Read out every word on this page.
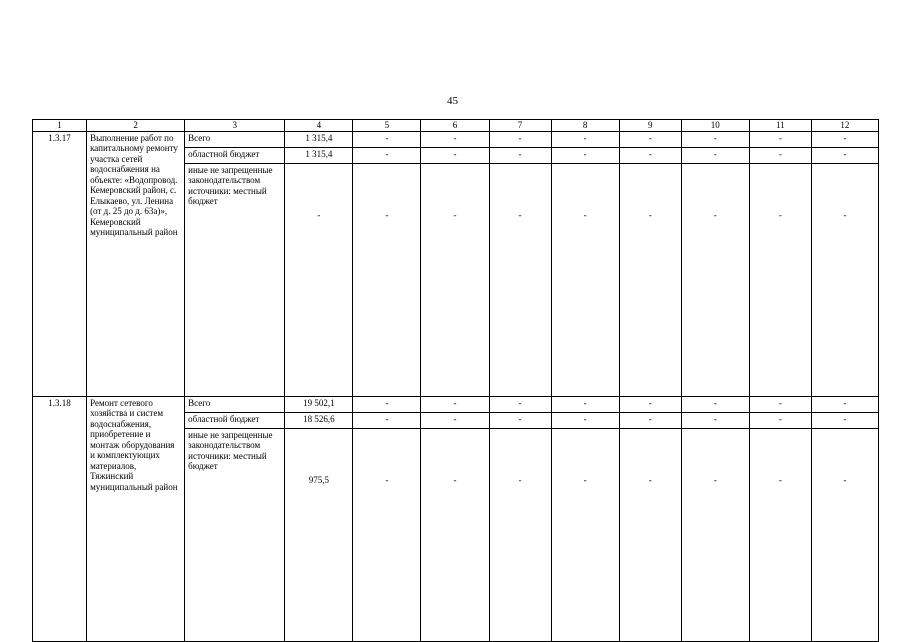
45
1	2	3	4	5	6	7	8	9	10	11	12
1.3.17	Выполнение работ по капитальному ремонту участка сетей водоснабжения на объекте: «Водопровод. Кемеровский район, с. Елыкаево, ул. Ленина (от д. 25 до д. 63а)», Кемеровский муниципальный район	Всего	1 315,4	-	-	-	-	-	-	-	-
		областной бюджет	1 315,4	-	-	-	-	-	-	-	-
		иные не запрещенные законодательством источники: местный бюджет	-	-	-	-	-	-	-	-	-
1.3.18	Ремонт сетевого хозяйства и систем водоснабжения, приобретение и монтаж оборудования и комплектующих материалов, Тяжинский муниципальный район	Всего	19 502,1	-	-	-	-	-	-	-	-
		областной бюджет	18 526,6	-	-	-	-	-	-	-	-
		иные не запрещенные законодательством источники: местный бюджет	975,5	-	-	-	-	-	-	-	-
